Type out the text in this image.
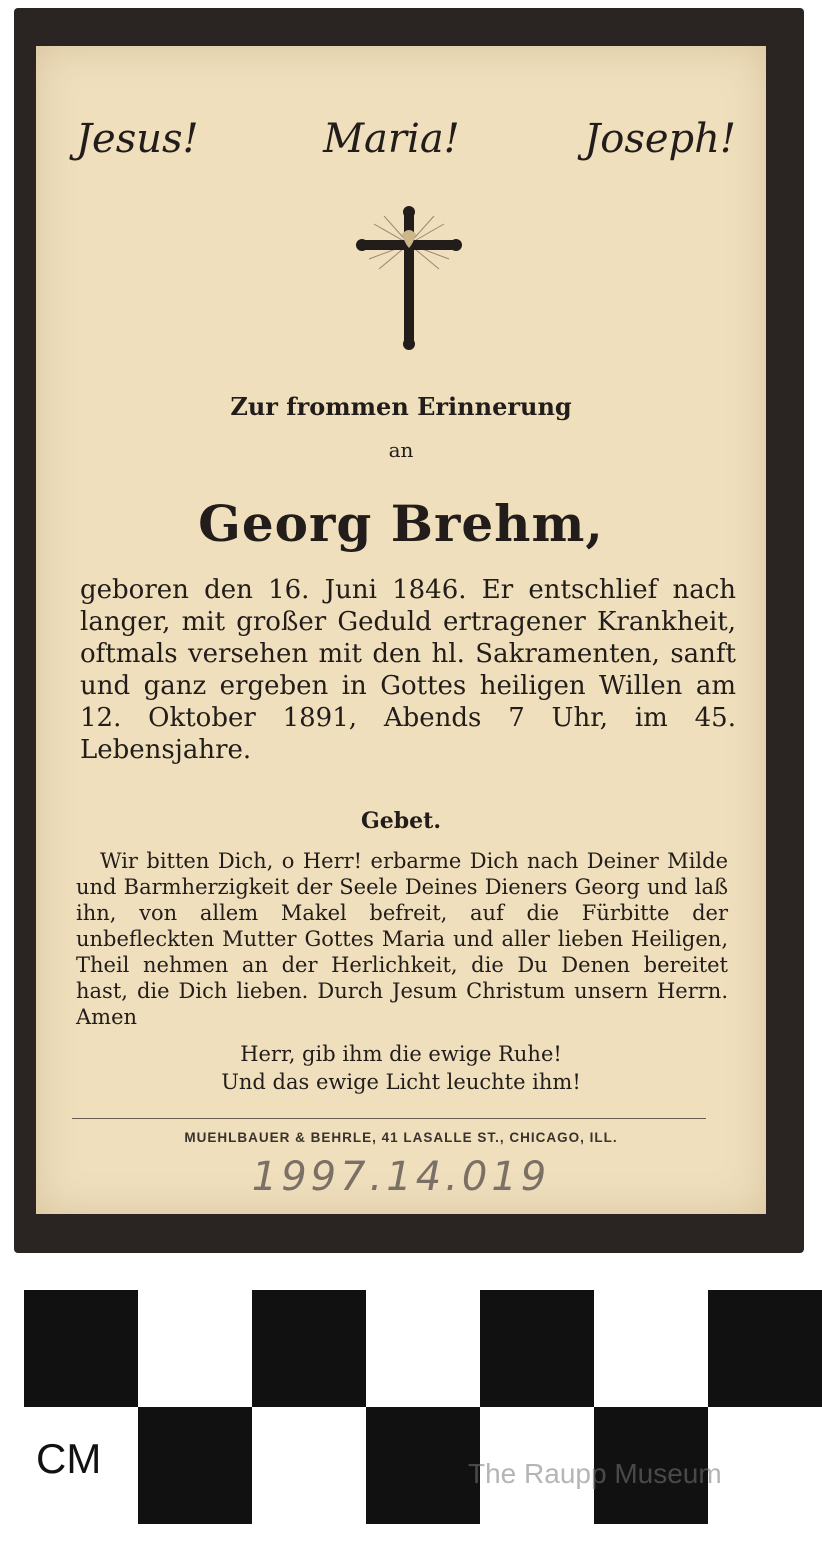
Jesus!	Maria!	Joseph!
Zur frommen Erinnerung
an
Georg Brehm,
geboren den 16. Juni 1846. Er entschlief nach langer, mit großer Geduld ertragener Krankheit, oftmals versehen mit den hl. Sakramenten, sanft und ganz ergeben in Gottes heiligen Willen am 12. Oktober 1891, Abends 7 Uhr, im 45. Lebensjahre.
Gebet.
Wir bitten Dich, o Herr! erbarme Dich nach Deiner Milde und Barmherzigkeit der Seele Deines Dieners Georg und laß ihn, von allem Makel befreit, auf die Fürbitte der unbefleckten Mutter Gottes Maria und aller lieben Heiligen, Theil nehmen an der Herlichkeit, die Du Denen bereitet hast, die Dich lieben. Durch Jesum Christum unsern Herrn. Amen
Herr, gib ihm die ewige Ruhe!
Und das ewige Licht leuchte ihm!
MUEHLBAUER & BEHRLE, 41 LASALLE ST., CHICAGO, ILL.
1997.14.019
CM	The Raupp Museum
